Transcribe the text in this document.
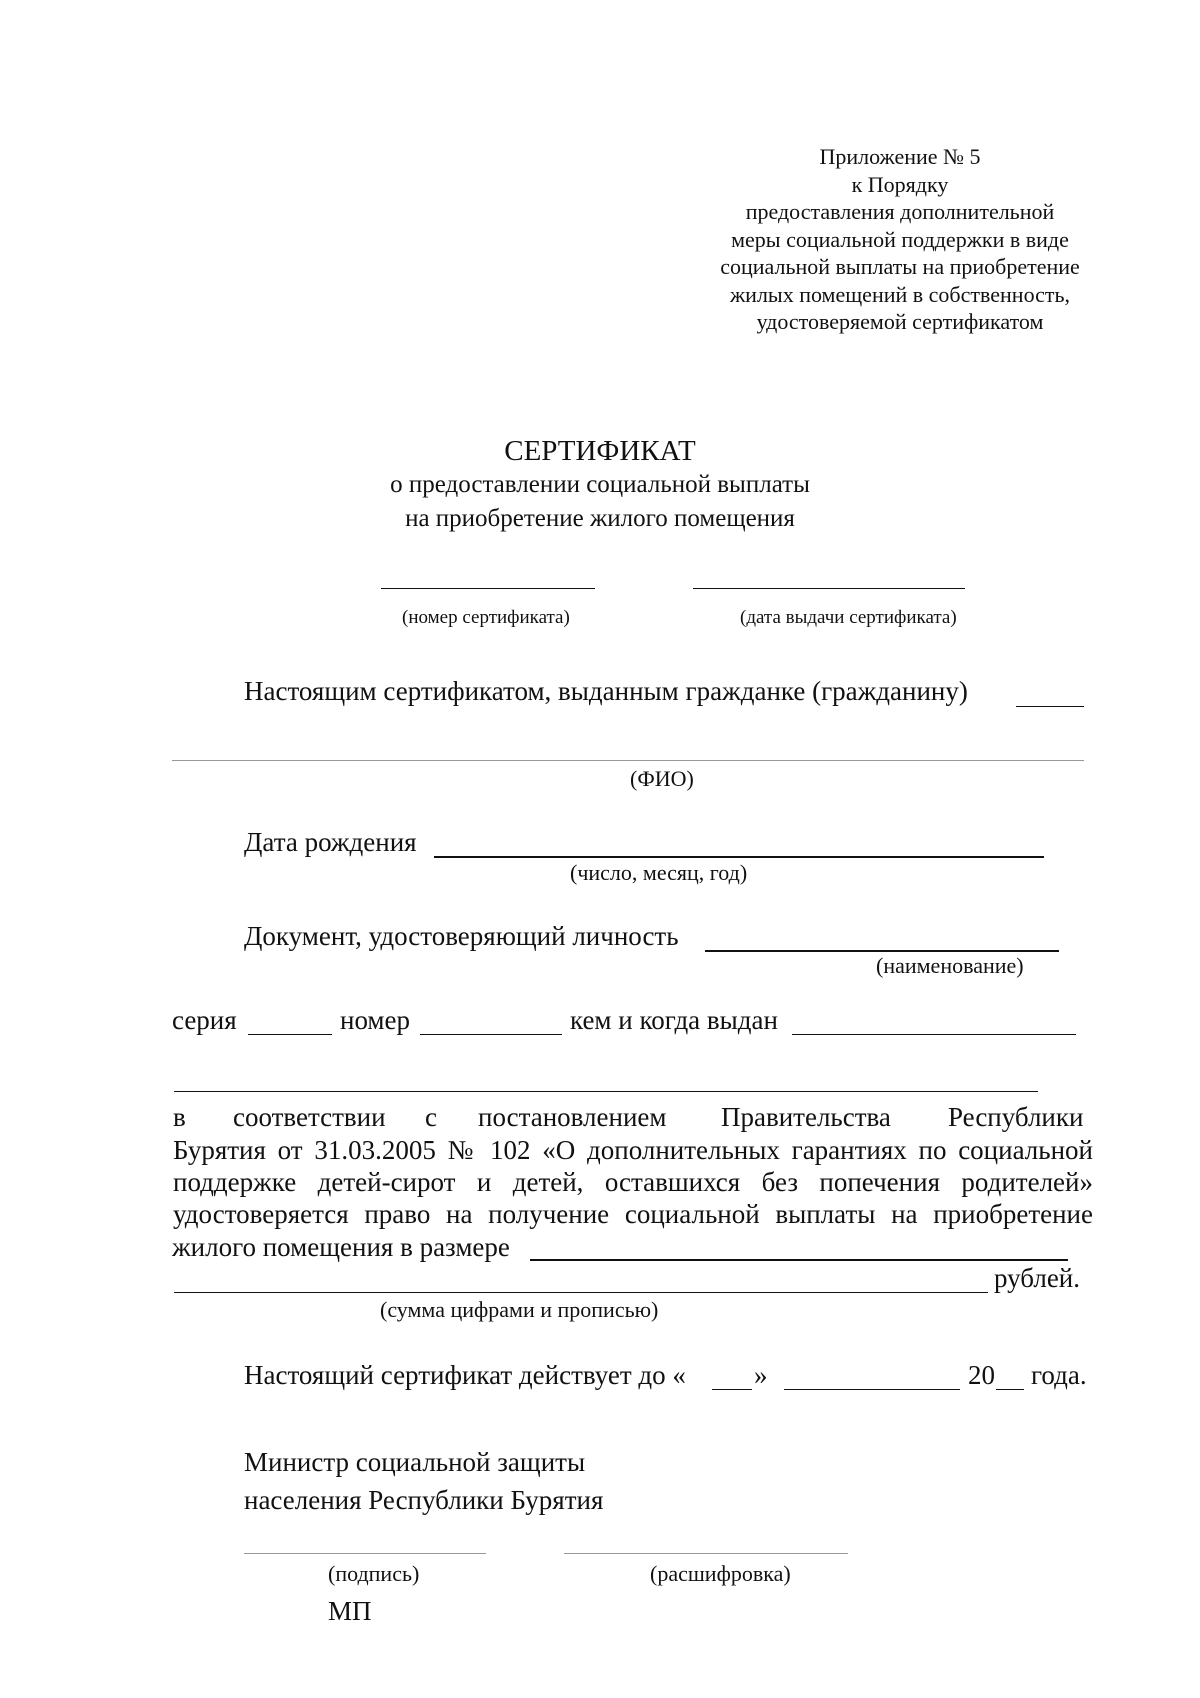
Приложение № 5
к Порядку
предоставления дополнительной
меры социальной поддержки в виде
социальной выплаты на приобретение
жилых помещений в собственность,
удостоверяемой сертификатом
СЕРТИФИКАТ
о предоставлении социальной выплаты
на приобретение жилого помещения
(номер сертификата)	(дата выдачи сертификата)
Настоящим сертификатом, выданным гражданке (гражданину)
(ФИО)
Дата рождения
(число, месяц, год)
Документ, удостоверяющий личность
(наименование)
серия	номер	кем и когда выдан
в соответствии с постановлением Правительства Республики
Бурятия от 31.03.2005 № 102 «О дополнительных гарантиях по социальной
поддержке детей-сирот и детей, оставшихся без попечения родителей»
удостоверяется право на получение социальной выплаты на приобретение
жилого помещения в размере
рублей.
(сумма цифрами и прописью)
Настоящий сертификат действует до «	»	20 года.
Министр социальной защиты
населения Республики Бурятия
(подпись)	(расшифровка)
МП
